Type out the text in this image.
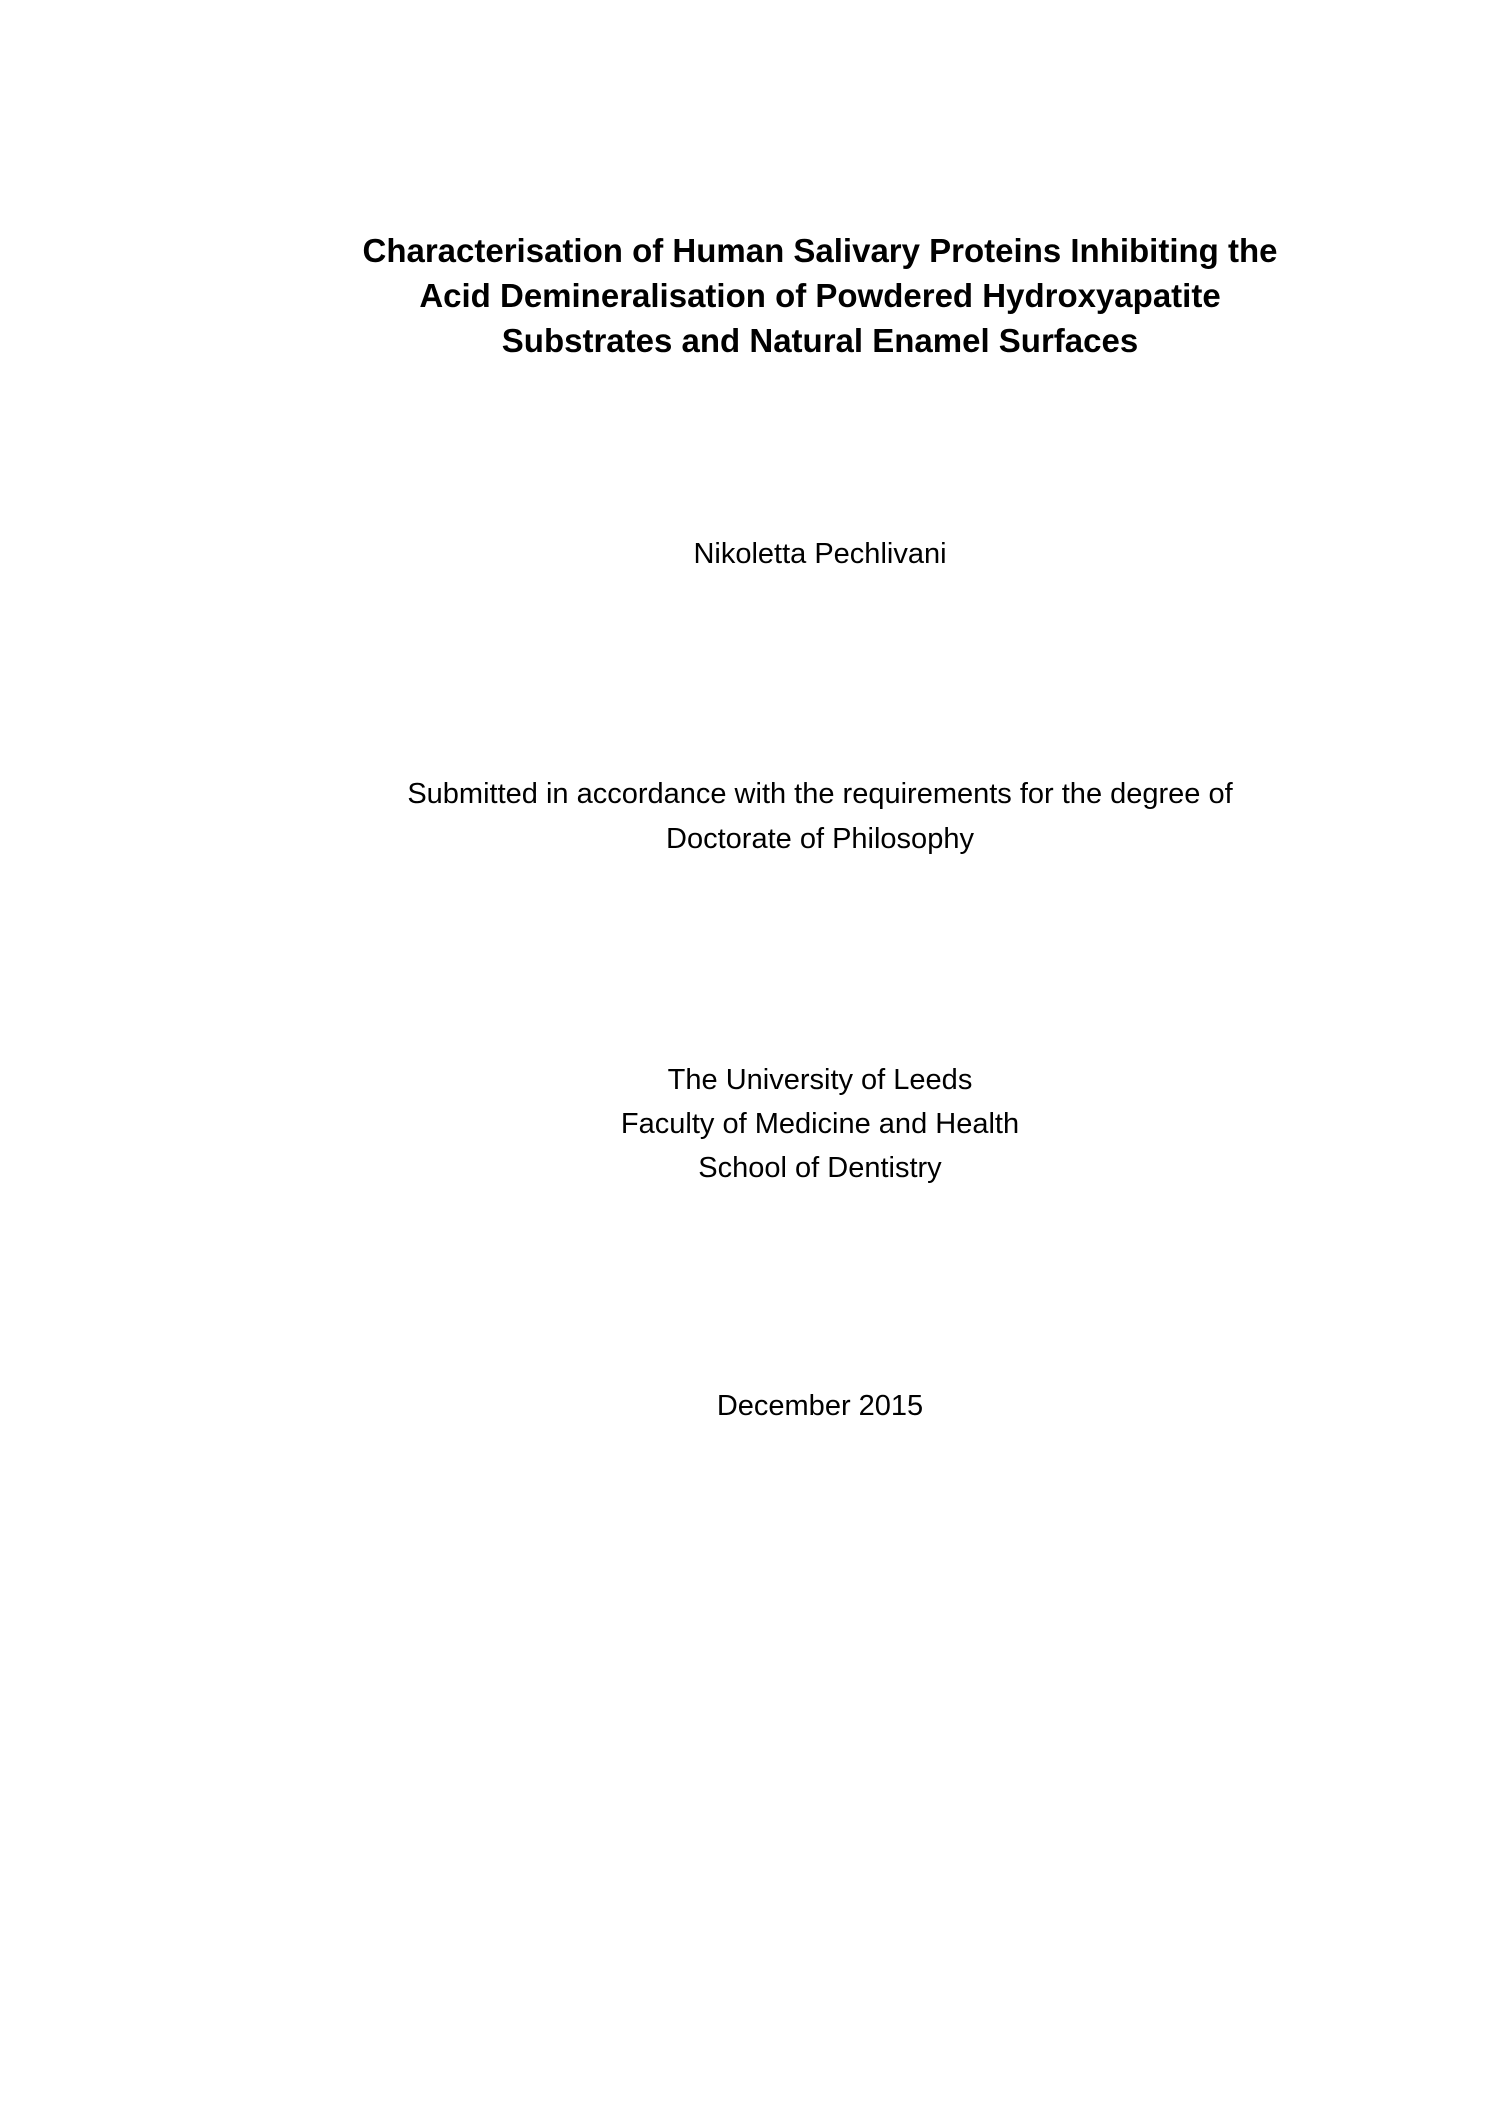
Characterisation of Human Salivary Proteins Inhibiting the
Acid Demineralisation of Powdered Hydroxyapatite
Substrates and Natural Enamel Surfaces
Nikoletta Pechlivani
Submitted in accordance with the requirements for the degree of
Doctorate of Philosophy
The University of Leeds
Faculty of Medicine and Health
School of Dentistry
December 2015
